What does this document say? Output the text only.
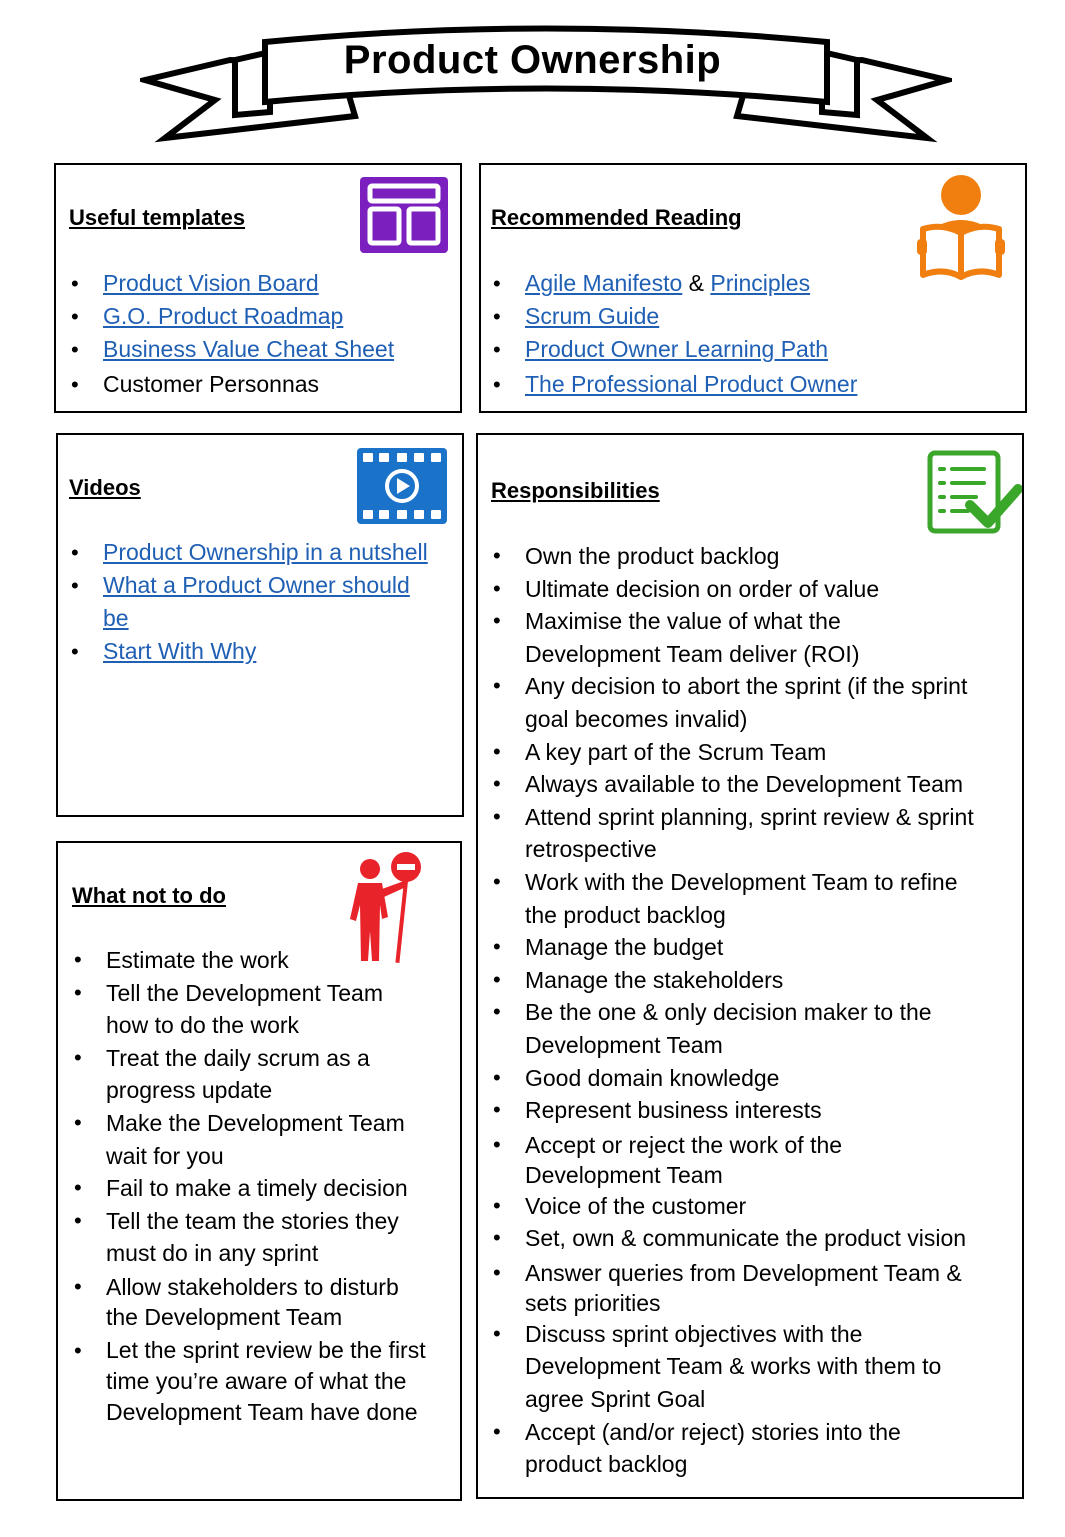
Product Ownership
Useful templates
• Product Vision Board
• G.O. Product Roadmap
• Business Value Cheat Sheet
• Customer Personnas
Recommended Reading
• Agile Manifesto & Principles
• Scrum Guide
• Product Owner Learning Path
• The Professional Product Owner
Videos
• Product Ownership in a nutshell
• What a Product Owner should be
• Start With Why
Responsibilities
• Own the product backlog
• Ultimate decision on order of value
• Maximise the value of what the Development Team deliver (ROI)
• Any decision to abort the sprint (if the sprint goal becomes invalid)
• A key part of the Scrum Team
• Always available to the Development Team
• Attend sprint planning, sprint review & sprint retrospective
• Work with the Development Team to refine the product backlog
• Manage the budget
• Manage the stakeholders
• Be the one & only decision maker to the Development Team
• Good domain knowledge
• Represent business interests
• Accept or reject the work of the Development Team
• Voice of the customer
• Set, own & communicate the product vision
• Answer queries from Development Team & sets priorities
• Discuss sprint objectives with the Development Team & works with them to agree Sprint Goal
• Accept (and/or reject) stories into the product backlog
What not to do
• Estimate the work
• Tell the Development Team how to do the work
• Treat the daily scrum as a progress update
• Make the Development Team wait for you
• Fail to make a timely decision
• Tell the team the stories they must do in any sprint
• Allow stakeholders to disturb the Development Team
• Let the sprint review be the first time you’re aware of what the Development Team have done
